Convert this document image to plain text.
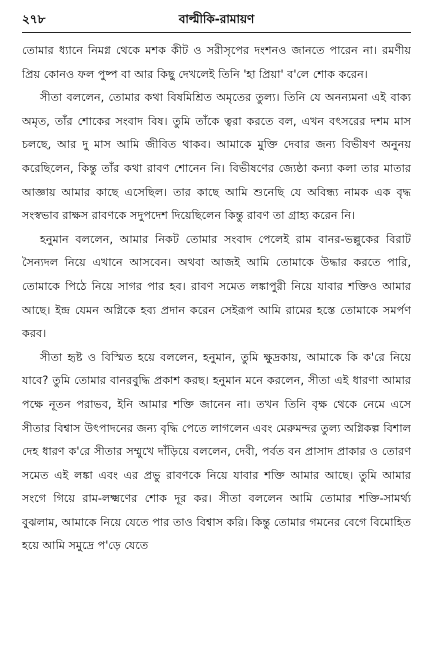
২৭৮	বাল্মীকি-রামায়ণ

তোমার ধ্যানে নিমগ্ন থেকে মশক কীট ও সরীসৃপের দংশনও জানতে পারেন না। রমণীয় প্রিয় কোনও ফল পুষ্প বা আর কিছু দেখলেই তিনি 'হা প্রিয়া' ব'লে শোক করেন।

সীতা বললেন, তোমার কথা বিষমিশ্রিত অমৃতের তুল্য। তিনি যে অনন্যমনা এই বাক্য অমৃত, তাঁর শোকের সংবাদ বিষ। তুমি তাঁকে ত্বরা করতে বল, এখন বৎসরের দশম মাস চলছে, আর দু মাস আমি জীবিত থাকব। আমাকে মুক্তি দেবার জন্য বিভীষণ অনুনয় করেছিলেন, কিন্তু তাঁর কথা রাবণ শোনেন নি। বিভীষণের জ্যেষ্ঠা কন্যা কলা তার মাতার আজ্ঞায় আমার কাছে এসেছিল। তার কাছে আমি শুনেছি যে অবিন্ধ্য নামক এক বৃদ্ধ সংস্বভাব রাক্ষস রাবণকে সদুপদেশ দিয়েছিলেন কিন্তু রাবণ তা গ্রাহ্য করেন নি।

হনুমান বললেন, আমার নিকট তোমার সংবাদ পেলেই রাম বানর-ভল্লুকের বিরাট সৈন্যদল নিয়ে এখানে আসবেন। অথবা আজই আমি তোমাকে উদ্ধার করতে পারি, তোমাকে পিঠে নিয়ে সাগর পার হব। রাবণ সমেত লঙ্কাপুরী নিয়ে যাবার শক্তিও আমার আছে। ইন্দ্র যেমন অগ্নিকে হব্য প্রদান করেন সেইরূপ আমি রামের হস্তে তোমাকে সমর্পণ করব।

সীতা হৃষ্ট ও বিস্মিত হয়ে বললেন, হনুমান, তুমি ক্ষুদ্রকায়, আমাকে কি ক'রে নিয়ে যাবে? তুমি তোমার বানরবুদ্ধি প্রকাশ করছ। হনুমান মনে করলেন, সীতা এই ধারণা আমার পক্ষে নূতন পরাভব, ইনি আমার শক্তি জানেন না। তখন তিনি বৃক্ষ থেকে নেমে এসে সীতার বিশ্বাস উৎপাদনের জন্য বৃদ্ধি পেতে লাগলেন এবং মেরুমন্দর তুল্য অগ্নিকল্প বিশাল দেহ ধারণ ক'রে সীতার সম্মুখে দাঁড়িয়ে বললেন, দেবী, পর্বত বন প্রাসাদ প্রাকার ও তোরণ সমেত এই লঙ্কা এবং এর প্রভু রাবণকে নিয়ে যাবার শক্তি আমার আছে। তুমি আমার সংগে গিয়ে রাম-লক্ষ্মণের শোক দূর কর। সীতা বললেন আমি তোমার শক্তি-সামর্থ্য বুঝলাম, আমাকে নিয়ে যেতে পার তাও বিশ্বাস করি। কিন্তু তোমার গমনের বেগে বিমোহিত হয়ে আমি সমুদ্রে প'ড়ে যেতে
